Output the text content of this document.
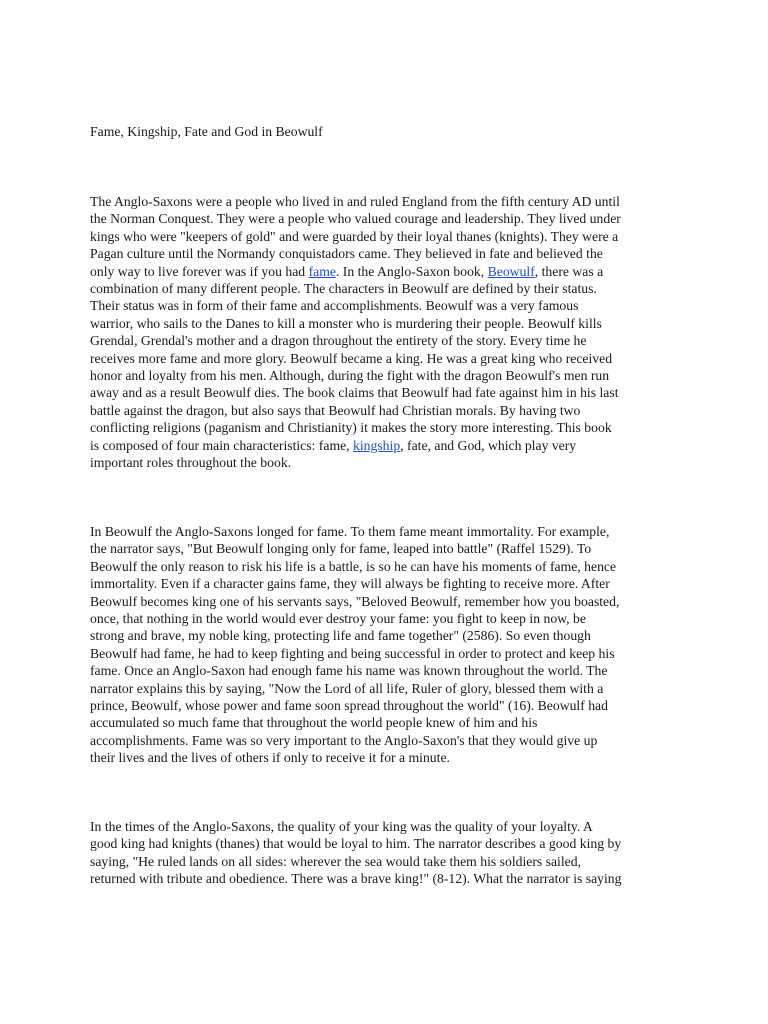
Fame, Kingship, Fate and God in Beowulf

The Anglo-Saxons were a people who lived in and ruled England from the fifth century AD until
the Norman Conquest. They were a people who valued courage and leadership. They lived under
kings who were "keepers of gold" and were guarded by their loyal thanes (knights). They were a
Pagan culture until the Normandy conquistadors came. They believed in fate and believed the
only way to live forever was if you had fame. In the Anglo-Saxon book, Beowulf, there was a
combination of many different people. The characters in Beowulf are defined by their status.
Their status was in form of their fame and accomplishments. Beowulf was a very famous
warrior, who sails to the Danes to kill a monster who is murdering their people. Beowulf kills
Grendal, Grendal's mother and a dragon throughout the entirety of the story. Every time he
receives more fame and more glory. Beowulf became a king. He was a great king who received
honor and loyalty from his men. Although, during the fight with the dragon Beowulf's men run
away and as a result Beowulf dies. The book claims that Beowulf had fate against him in his last
battle against the dragon, but also says that Beowulf had Christian morals. By having two
conflicting religions (paganism and Christianity) it makes the story more interesting. This book
is composed of four main characteristics: fame, kingship, fate, and God, which play very
important roles throughout the book.
In Beowulf the Anglo-Saxons longed for fame. To them fame meant immortality. For example,
the narrator says, "But Beowulf longing only for fame, leaped into battle" (Raffel 1529). To
Beowulf the only reason to risk his life is a battle, is so he can have his moments of fame, hence
immortality. Even if a character gains fame, they will always be fighting to receive more. After
Beowulf becomes king one of his servants says, "Beloved Beowulf, remember how you boasted,
once, that nothing in the world would ever destroy your fame: you fight to keep in now, be
strong and brave, my noble king, protecting life and fame together" (2586). So even though
Beowulf had fame, he had to keep fighting and being successful in order to protect and keep his
fame. Once an Anglo-Saxon had enough fame his name was known throughout the world. The
narrator explains this by saying, "Now the Lord of all life, Ruler of glory, blessed them with a
prince, Beowulf, whose power and fame soon spread throughout the world" (16). Beowulf had
accumulated so much fame that throughout the world people knew of him and his
accomplishments. Fame was so very important to the Anglo-Saxon's that they would give up
their lives and the lives of others if only to receive it for a minute.
In the times of the Anglo-Saxons, the quality of your king was the quality of your loyalty. A
good king had knights (thanes) that would be loyal to him. The narrator describes a good king by
saying, "He ruled lands on all sides: wherever the sea would take them his soldiers sailed,
returned with tribute and obedience. There was a brave king!" (8-12). What the narrator is saying
